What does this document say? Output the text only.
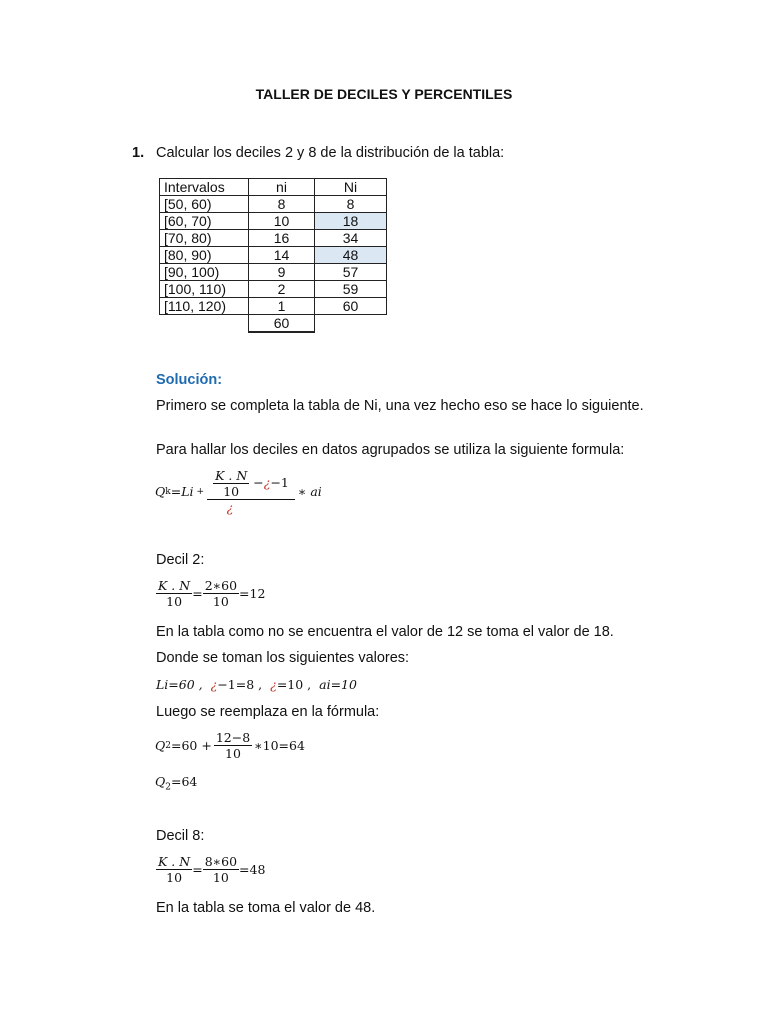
TALLER DE DECILES Y PERCENTILES
1. Calcular los deciles 2 y 8 de la distribución de la tabla:
Intervalos	ni	Ni
[50, 60)	8	8
[60, 70)	10	18
[70, 80)	16	34
[80, 90)	14	48
[90, 100)	9	57
[100, 110)	2	59
[110, 120)	1	60
	60	
Solución:
Primero se completa la tabla de Ni, una vez hecho eso se hace lo siguiente.
Para hallar los deciles en datos agrupados se utiliza la siguiente formula:
Q $k = Li + \frac{\frac{K . N}{10} -¿-1}{¿}$ ∗ ai
Decil 2:
$\frac{K . N}{10} = \frac{2∗60}{10} =12$
En la tabla como no se encuentra el valor de 12 se toma el valor de 18.
Donde se toman los siguientes valores:
Li=60 , ¿−1=8 , ¿=10 , ai=10
Luego se reemplaza en la fórmula:
Q $2 =60 + \frac{12-8}{10}$ ∗10=64
$Q_2=64$
Decil 8:
$\frac{K . N}{10} = \frac{8∗60}{10} =48$
En la tabla se toma el valor de 48.
